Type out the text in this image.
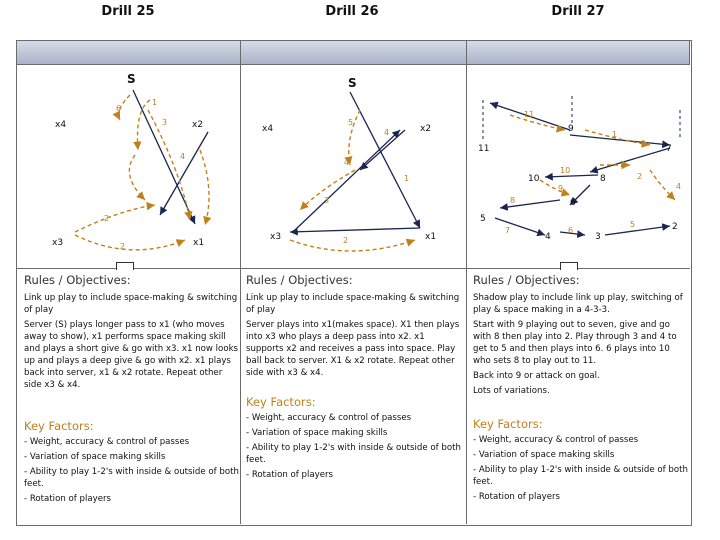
Drill 25	Drill 26	Drill 27
S
x4	x2
x3	x1
1
2
3
4
2
6
S
x4	x2
x3	x1
1
2
3
4
5
4
11
9
1
7
10	8	2
6
4
5
3
2
11
10
8
9
6
2
4
7
5
Rules / Objectives:

Link up play to include space-making & switching of play

Server (S) plays longer pass to x1 (who moves away to show), x1 performs space making skill and plays a short give & go with x3. x1 now looks up and plays a deep give & go with x2. x1 plays back into server, x1 & x2 rotate. Repeat other side x3 & x4.

Key Factors:

- Weight, accuracy & control of passes

- Variation of space making skills

- Ability to play 1-2's with inside & outside of both feet.

- Rotation of players

Rules / Objectives:

Link up play to include space-making & switching of play

Server plays into x1(makes space). X1 then plays into x3 who plays a deep pass into x2. x1 supports x2 and receives a pass into space. Play ball back to server. X1 & x2 rotate. Repeat other side with x3 & x4.

Key Factors:

- Weight, accuracy & control of passes

- Variation of space making skills

- Ability to play 1-2's with inside & outside of both feet.

- Rotation of players

Rules / Objectives:

Shadow play to include link up play, switching of play & space making in a 4-3-3.

Start with 9 playing out to seven, give and go with 8 then play into 2. Play through 3 and 4 to get to 5 and then plays into 6. 6 plays into 10 who sets 8 to play out to 11.

Back into 9 or attack on goal.

Lots of variations.

Key Factors:

- Weight, accuracy & control of passes

- Variation of space making skills

- Ability to play 1-2's with inside & outside of both feet.

- Rotation of players
